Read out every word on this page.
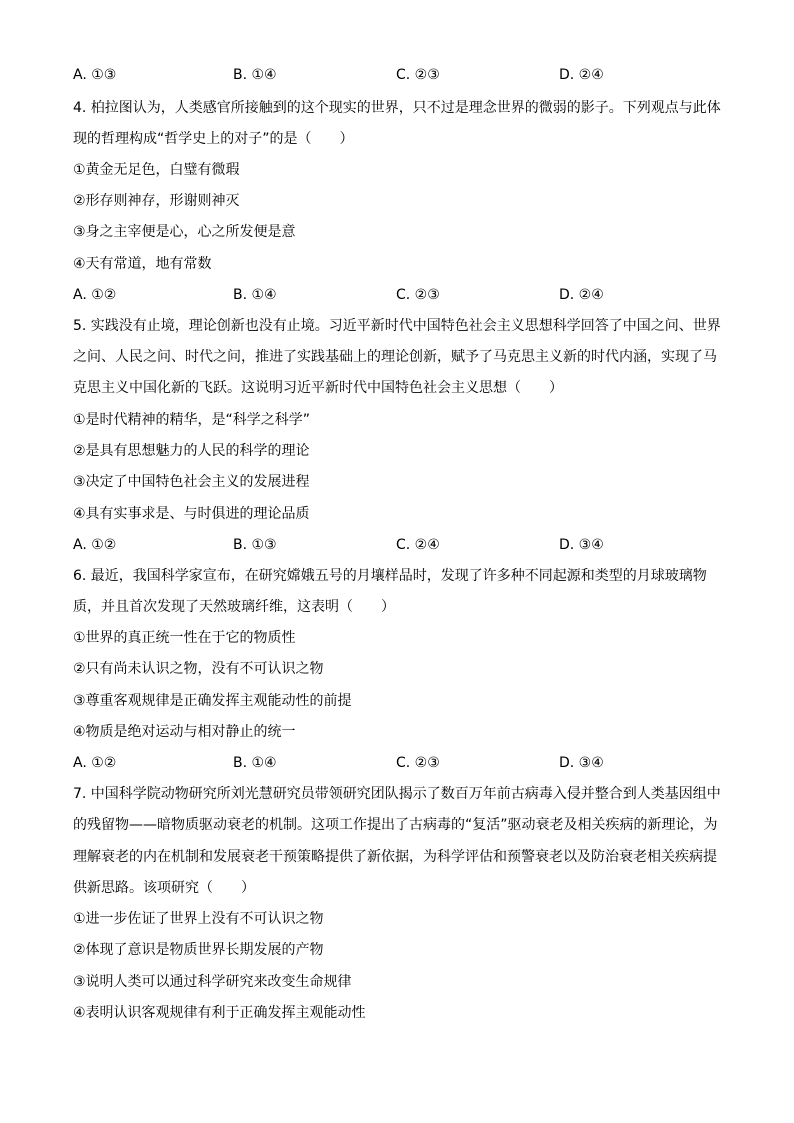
A. ①③	B. ①④	C. ②③	D. ②④
4. 柏拉图认为，人类感官所接触到的这个现实的世界，只不过是理念世界的微弱的影子。下列观点与此体
现的哲理构成“哲学史上的对子”的是（　　）
①黄金无足色，白璧有微瑕
②形存则神存，形谢则神灭
③身之主宰便是心，心之所发便是意
④天有常道，地有常数
A. ①②	B. ①④	C. ②③	D. ②④
5. 实践没有止境，理论创新也没有止境。习近平新时代中国特色社会主义思想科学回答了中国之问、世界
之问、人民之问、时代之问，推进了实践基础上的理论创新，赋予了马克思主义新的时代内涵，实现了马
克思主义中国化新的飞跃。这说明习近平新时代中国特色社会主义思想（　　）
①是时代精神的精华，是“科学之科学”
②是具有思想魅力的人民的科学的理论
③决定了中国特色社会主义的发展进程
④具有实事求是、与时俱进的理论品质
A. ①②	B. ①③	C. ②④	D. ③④
6. 最近，我国科学家宣布，在研究嫦娥五号的月壤样品时，发现了许多种不同起源和类型的月球玻璃物
质，并且首次发现了天然玻璃纤维，这表明（　　）
①世界的真正统一性在于它的物质性
②只有尚未认识之物，没有不可认识之物
③尊重客观规律是正确发挥主观能动性的前提
④物质是绝对运动与相对静止的统一
A. ①②	B. ①④	C. ②③	D. ③④
7. 中国科学院动物研究所刘光慧研究员带领研究团队揭示了数百万年前古病毒入侵并整合到人类基因组中
的残留物——暗物质驱动衰老的机制。这项工作提出了古病毒的“复活”驱动衰老及相关疾病的新理论，为
理解衰老的内在机制和发展衰老干预策略提供了新依据，为科学评估和预警衰老以及防治衰老相关疾病提
供新思路。该项研究（　　）
①进一步佐证了世界上没有不可认识之物
②体现了意识是物质世界长期发展的产物
③说明人类可以通过科学研究来改变生命规律
④表明认识客观规律有利于正确发挥主观能动性
